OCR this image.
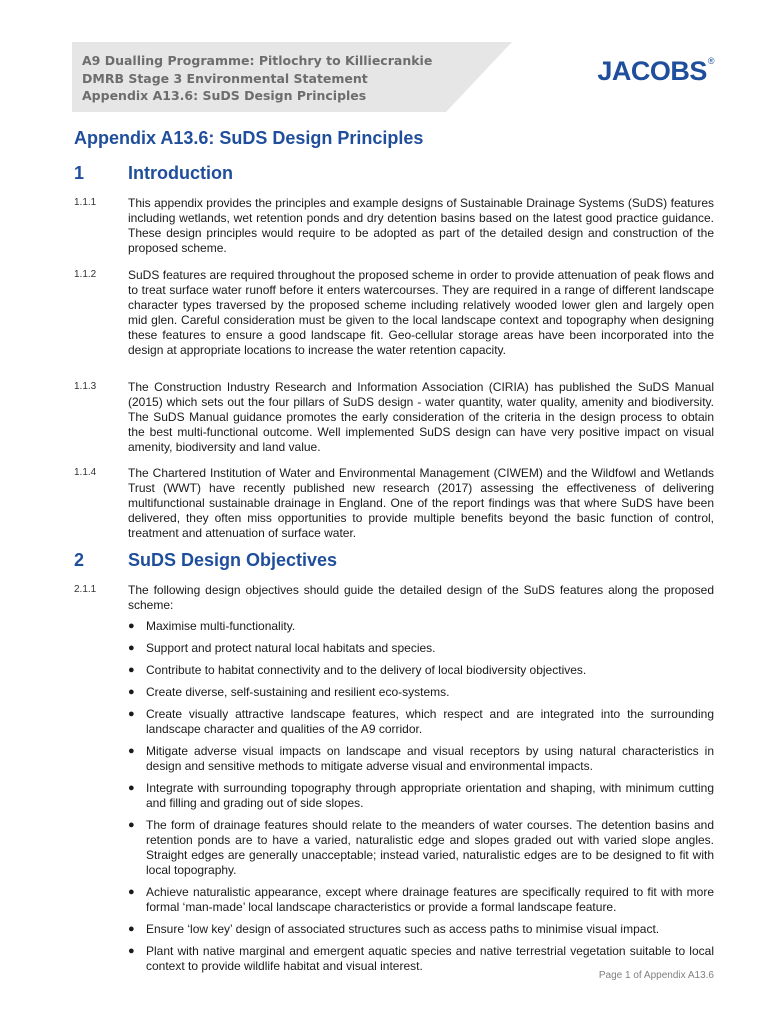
A9 Dualling Programme: Pitlochry to Killiecrankie
DMRB Stage 3 Environmental Statement
Appendix A13.6: SuDS Design Principles
JACOBS®
Appendix A13.6: SuDS Design Principles
1 Introduction
1.1.1	This appendix provides the principles and example designs of Sustainable Drainage Systems (SuDS) features including wetlands, wet retention ponds and dry detention basins based on the latest good practice guidance. These design principles would require to be adopted as part of the detailed design and construction of the proposed scheme.
1.1.2	SuDS features are required throughout the proposed scheme in order to provide attenuation of peak flows and to treat surface water runoff before it enters watercourses. They are required in a range of different landscape character types traversed by the proposed scheme including relatively wooded lower glen and largely open mid glen. Careful consideration must be given to the local landscape context and topography when designing these features to ensure a good landscape fit. Geo-cellular storage areas have been incorporated into the design at appropriate locations to increase the water retention capacity.
1.1.3	The Construction Industry Research and Information Association (CIRIA) has published the SuDS Manual (2015) which sets out the four pillars of SuDS design - water quantity, water quality, amenity and biodiversity. The SuDS Manual guidance promotes the early consideration of the criteria in the design process to obtain the best multi-functional outcome. Well implemented SuDS design can have very positive impact on visual amenity, biodiversity and land value.
1.1.4	The Chartered Institution of Water and Environmental Management (CIWEM) and the Wildfowl and Wetlands Trust (WWT) have recently published new research (2017) assessing the effectiveness of delivering multifunctional sustainable drainage in England. One of the report findings was that where SuDS have been delivered, they often miss opportunities to provide multiple benefits beyond the basic function of control, treatment and attenuation of surface water.
2 SuDS Design Objectives
2.1.1	The following design objectives should guide the detailed design of the SuDS features along the proposed scheme:
● Maximise multi-functionality.
● Support and protect natural local habitats and species.
● Contribute to habitat connectivity and to the delivery of local biodiversity objectives.
● Create diverse, self-sustaining and resilient eco-systems.
● Create visually attractive landscape features, which respect and are integrated into the surrounding landscape character and qualities of the A9 corridor.
● Mitigate adverse visual impacts on landscape and visual receptors by using natural characteristics in design and sensitive methods to mitigate adverse visual and environmental impacts.
● Integrate with surrounding topography through appropriate orientation and shaping, with minimum cutting and filling and grading out of side slopes.
● The form of drainage features should relate to the meanders of water courses. The detention basins and retention ponds are to have a varied, naturalistic edge and slopes graded out with varied slope angles. Straight edges are generally unacceptable; instead varied, naturalistic edges are to be designed to fit with local topography.
● Achieve naturalistic appearance, except where drainage features are specifically required to fit with more formal ‘man-made’ local landscape characteristics or provide a formal landscape feature.
● Ensure ‘low key’ design of associated structures such as access paths to minimise visual impact.
● Plant with native marginal and emergent aquatic species and native terrestrial vegetation suitable to local context to provide wildlife habitat and visual interest.
Page 1 of Appendix A13.6
